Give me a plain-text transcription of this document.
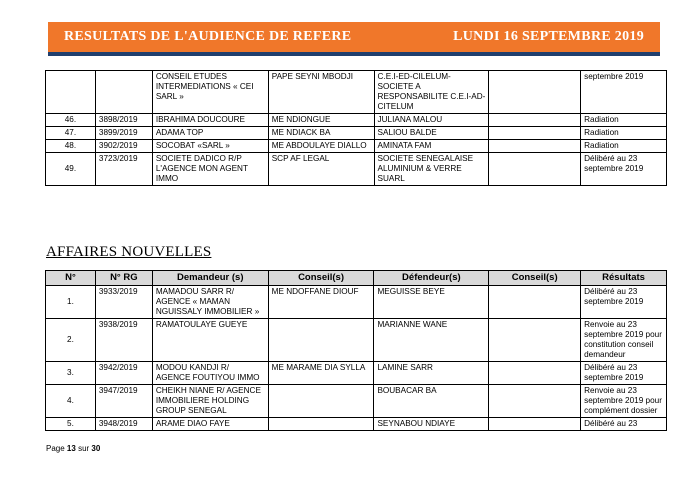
RESULTATS DE L'AUDIENCE DE REFERE	LUNDI 16 SEPTEMBRE 2019
		CONSEIL ETUDES INTERMEDIATIONS « CEI SARL »	PAPE SEYNI MBODJI	C.E.I-ED-CILELUM-SOCIETE A RESPONSABILITE C.E.I-AD-CITELUM		septembre 2019
46.	3898/2019	IBRAHIMA DOUCOURE	ME NDIONGUE	JULIANA MALOU		Radiation
47.	3899/2019	ADAMA TOP	ME NDIACK BA	SALIOU BALDE		Radiation
48.	3902/2019	SOCOBAT «SARL »	ME ABDOULAYE DIALLO	AMINATA FAM		Radiation
49.	3723/2019	SOCIETE DADICO R/P L'AGENCE MON AGENT IMMO	SCP AF LEGAL	SOCIETE SENEGALAISE ALUMINIUM & VERRE SUARL		Délibéré au 23 septembre 2019
AFFAIRES NOUVELLES
N°	N° RG	Demandeur (s)	Conseil(s)	Défendeur(s)	Conseil(s)	Résultats
1.	3933/2019	MAMADOU SARR R/ AGENCE « MAMAN NGUISSALY IMMOBILIER »	ME NDOFFANE DIOUF	MEGUISSE BEYE		Délibéré au 23 septembre 2019
2.	3938/2019	RAMATOULAYE GUEYE		MARIANNE WANE		Renvoie au 23 septembre 2019 pour constitution conseil demandeur
3.	3942/2019	MODOU KANDJI R/ AGENCE FOUTIYOU IMMO	ME MARAME DIA SYLLA	LAMINE SARR		Délibéré au 23 septembre 2019
4.	3947/2019	CHEIKH NIANE R/ AGENCE IMMOBILIERE HOLDING GROUP SENEGAL		BOUBACAR BA		Renvoie au 23 septembre 2019 pour complément dossier
5.	3948/2019	ARAME DIAO FAYE		SEYNABOU NDIAYE		Délibéré au 23
Page 13 sur 30
